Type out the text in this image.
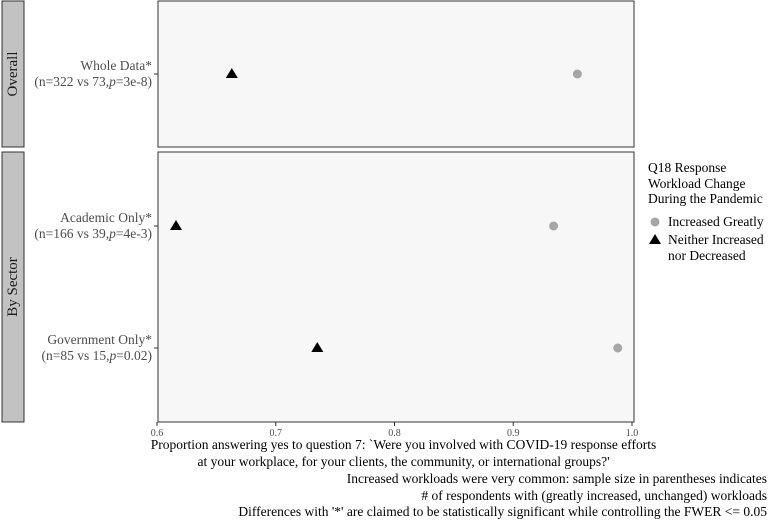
Overall
By Sector
Whole Data*
(n=322 vs 73,p=3e-8)
Academic Only*
(n=166 vs 39,p=4e-3)
Government Only*
(n=85 vs 15,p=0.02)
0.6	0.7	0.8	0.9	1.0
Proportion answering yes to question 7: `Were you involved with COVID-19 response efforts
at your workplace, for your clients, the community, or international groups?'
Increased workloads were very common: sample size in parentheses indicates
# of respondents with (greatly increased, unchanged) workloads
Differences with '*' are claimed to be statistically significant while controlling the FWER <= 0.05
Q18 Response
Workload Change
During the Pandemic
Increased Greatly
Neither Increased
nor Decreased
